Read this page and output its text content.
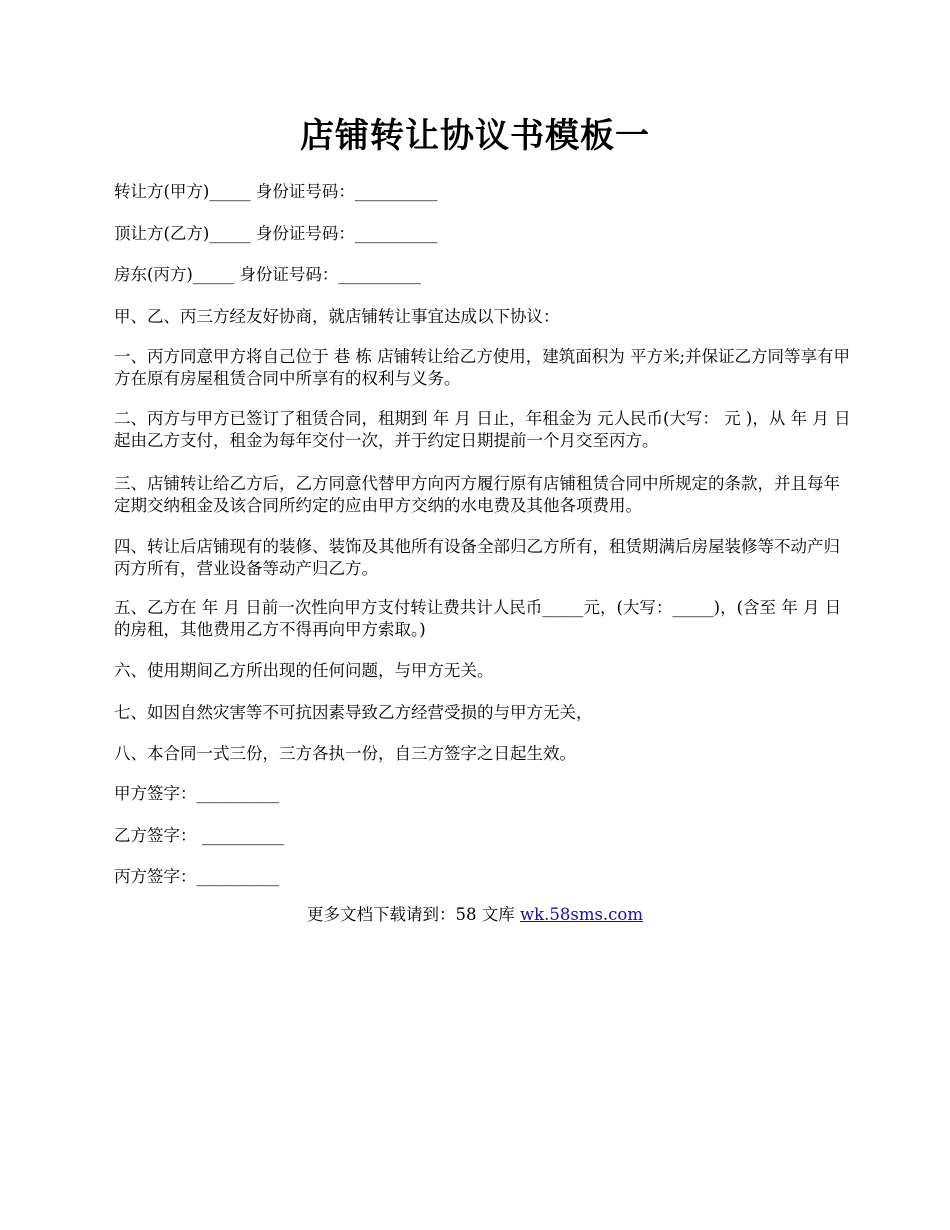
店铺转让协议书模板一

转让方(甲方)_____ 身份证号码：__________

顶让方(乙方)_____ 身份证号码：__________

房东(丙方)_____ 身份证号码：__________

甲、乙、丙三方经友好协商，就店铺转让事宜达成以下协议：

一、丙方同意甲方将自己位于 巷 栋 店铺转让给乙方使用，建筑面积为 平方米;并保证乙方同等享有甲方在原有房屋租赁合同中所享有的权利与义务。

二、丙方与甲方已签订了租赁合同，租期到 年 月 日止，年租金为 元人民币(大写： 元 )，从 年 月 日起由乙方支付，租金为每年交付一次，并于约定日期提前一个月交至丙方。

三、店铺转让给乙方后，乙方同意代替甲方向丙方履行原有店铺租赁合同中所规定的条款，并且每年定期交纳租金及该合同所约定的应由甲方交纳的水电费及其他各项费用。

四、转让后店铺现有的装修、装饰及其他所有设备全部归乙方所有，租赁期满后房屋装修等不动产归丙方所有，营业设备等动产归乙方。

五、乙方在 年 月 日前一次性向甲方支付转让费共计人民币_____元，(大写：_____)，(含至 年 月 日的房租，其他费用乙方不得再向甲方索取。)

六、使用期间乙方所出现的任何问题，与甲方无关。

七、如因自然灾害等不可抗因素导致乙方经营受损的与甲方无关，

八、本合同一式三份，三方各执一份，自三方签字之日起生效。

甲方签字：__________

乙方签字： __________

丙方签字：__________

更多文档下载请到：58 文库 wk.58sms.com
